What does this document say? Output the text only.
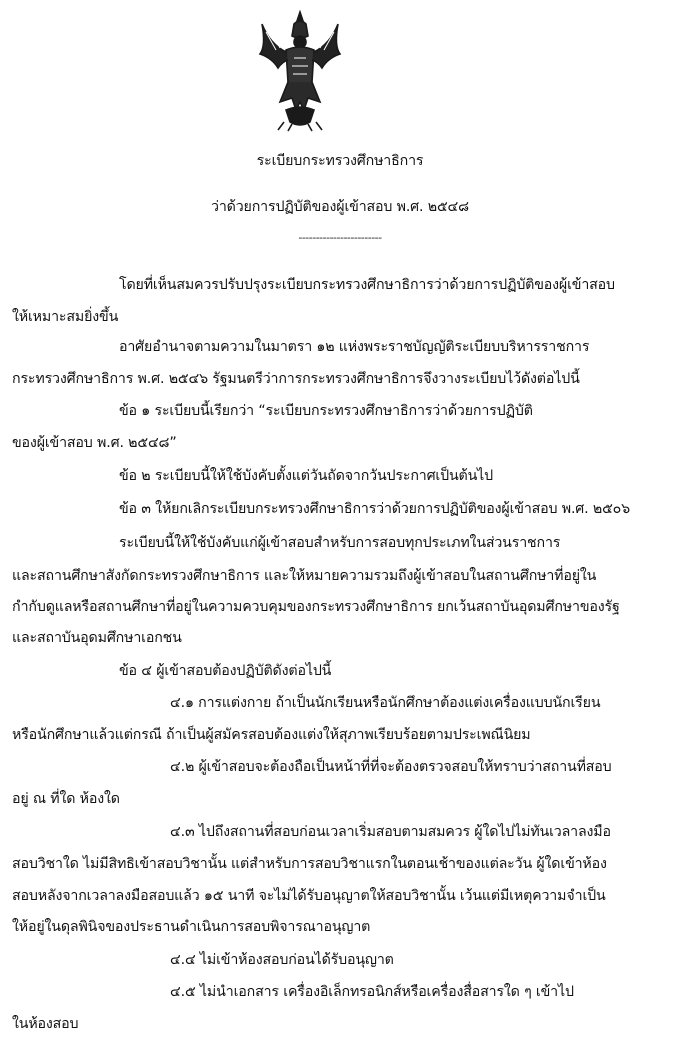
ระเบียบกระทรวงศึกษาธิการ
ว่าด้วยการปฏิบัติของผู้เข้าสอบ พ.ศ. ๒๕๔๘
------------------------
โดยที่เห็นสมควรปรับปรุงระเบียบกระทรวงศึกษาธิการว่าด้วยการปฏิบัติของผู้เข้าสอบ
ให้เหมาะสมยิ่งขึ้น
อาศัยอำนาจตามความในมาตรา ๑๒ แห่งพระราชบัญญัติระเบียบบริหารราชการ
กระทรวงศึกษาธิการ พ.ศ. ๒๕๔๖ รัฐมนตรีว่าการกระทรวงศึกษาธิการจึงวางระเบียบไว้ดังต่อไปนี้
ข้อ ๑ ระเบียบนี้เรียกว่า “ระเบียบกระทรวงศึกษาธิการว่าด้วยการปฏิบัติ
ของผู้เข้าสอบ พ.ศ. ๒๕๔๘”
ข้อ ๒ ระเบียบนี้ให้ใช้บังคับตั้งแต่วันถัดจากวันประกาศเป็นต้นไป
ข้อ ๓ ให้ยกเลิกระเบียบกระทรวงศึกษาธิการว่าด้วยการปฏิบัติของผู้เข้าสอบ พ.ศ. ๒๕๐๖
ระเบียบนี้ให้ใช้บังคับแก่ผู้เข้าสอบสำหรับการสอบทุกประเภทในส่วนราชการ
และสถานศึกษาสังกัดกระทรวงศึกษาธิการ และให้หมายความรวมถึงผู้เข้าสอบในสถานศึกษาที่อยู่ใน
กำกับดูแลหรือสถานศึกษาที่อยู่ในความควบคุมของกระทรวงศึกษาธิการ ยกเว้นสถาบันอุดมศึกษาของรัฐ
และสถาบันอุดมศึกษาเอกชน
ข้อ ๔ ผู้เข้าสอบต้องปฏิบัติดังต่อไปนี้
๔.๑ การแต่งกาย ถ้าเป็นนักเรียนหรือนักศึกษาต้องแต่งเครื่องแบบนักเรียน
หรือนักศึกษาแล้วแต่กรณี ถ้าเป็นผู้สมัครสอบต้องแต่งให้สุภาพเรียบร้อยตามประเพณีนิยม
๔.๒ ผู้เข้าสอบจะต้องถือเป็นหน้าที่ที่จะต้องตรวจสอบให้ทราบว่าสถานที่สอบ
อยู่ ณ ที่ใด ห้องใด
๔.๓ ไปถึงสถานที่สอบก่อนเวลาเริ่มสอบตามสมควร ผู้ใดไปไม่ทันเวลาลงมือ
สอบวิชาใด ไม่มีสิทธิเข้าสอบวิชานั้น แต่สำหรับการสอบวิชาแรกในตอนเช้าของแต่ละวัน ผู้ใดเข้าห้อง
สอบหลังจากเวลาลงมือสอบแล้ว ๑๕ นาที จะไม่ได้รับอนุญาตให้สอบวิชานั้น เว้นแต่มีเหตุความจำเป็น
ให้อยู่ในดุลพินิจของประธานดำเนินการสอบพิจารณาอนุญาต
๔.๔ ไม่เข้าห้องสอบก่อนได้รับอนุญาต
๔.๕ ไม่นำเอกสาร เครื่องอิเล็กทรอนิกส์หรือเครื่องสื่อสารใด ๆ เข้าไป
ในห้องสอบ
